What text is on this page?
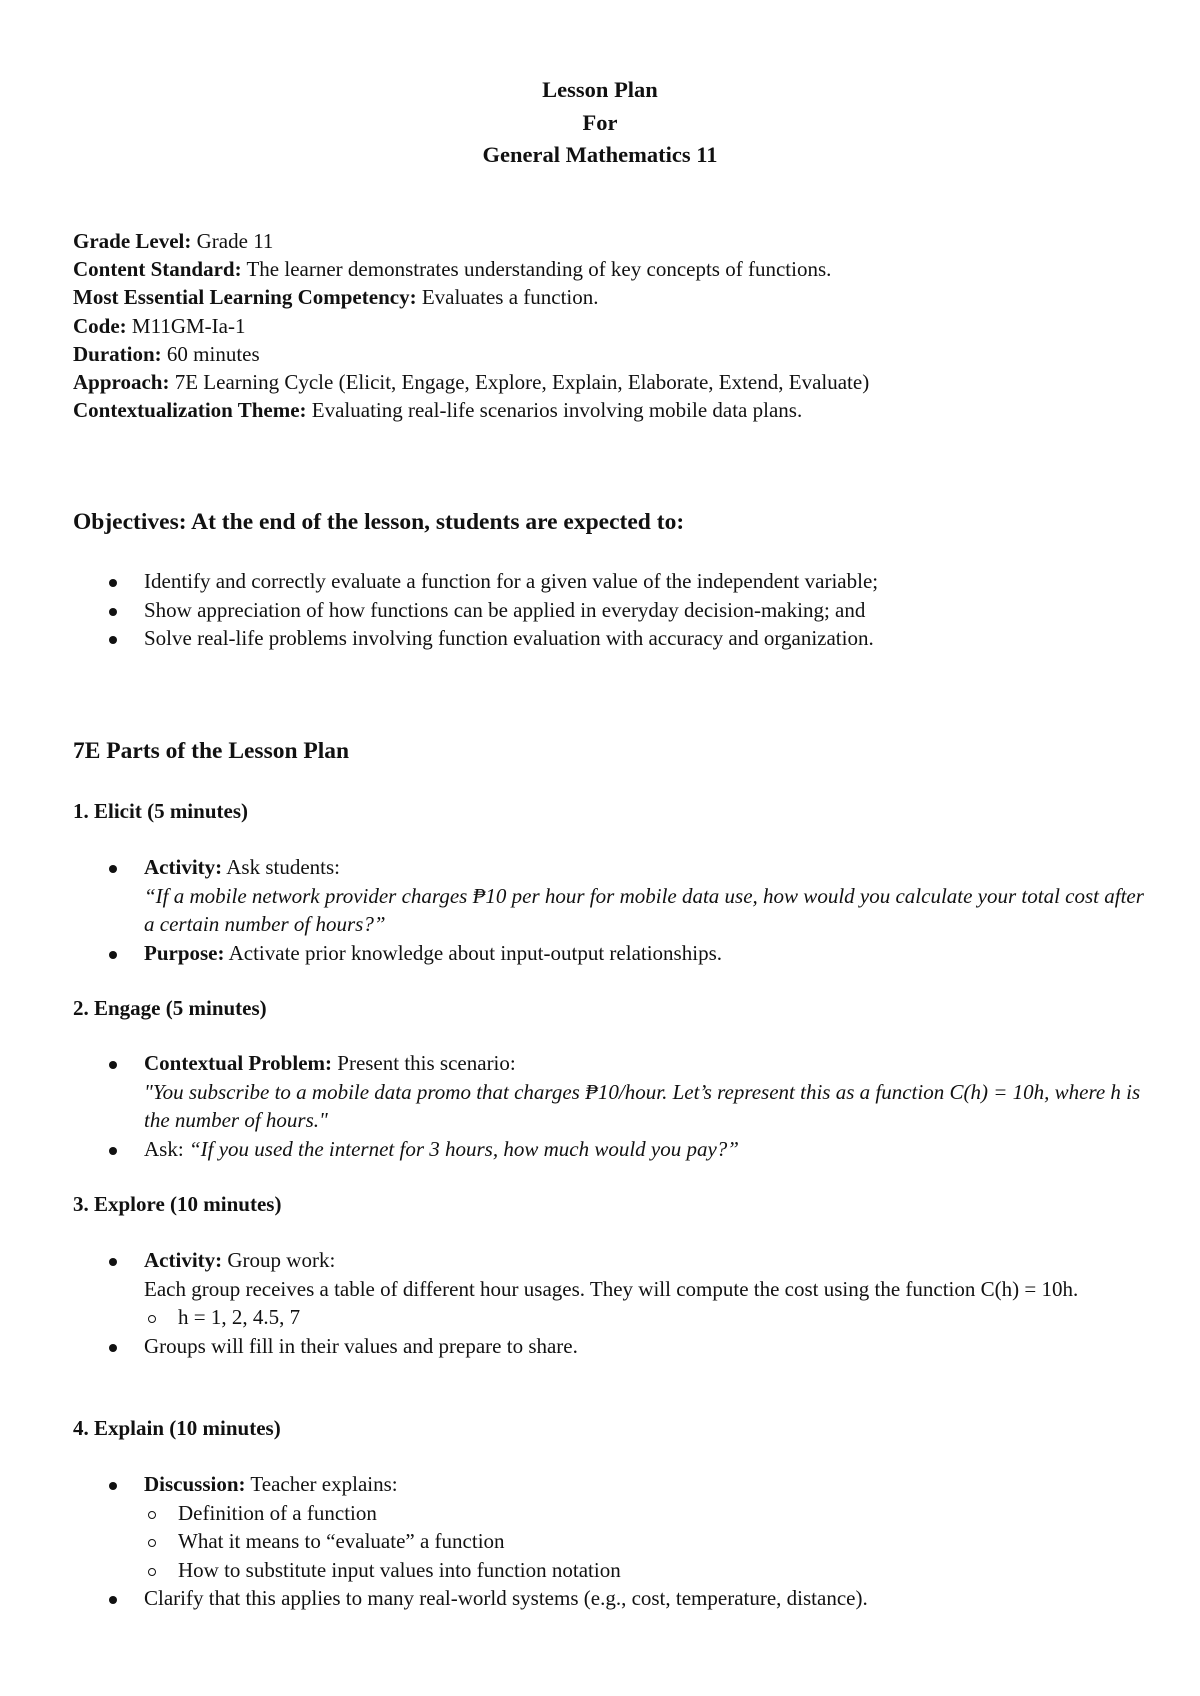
Lesson Plan
For
General Mathematics 11
Grade Level: Grade 11
Content Standard: The learner demonstrates understanding of key concepts of functions.
Most Essential Learning Competency: Evaluates a function.
Code: M11GM-Ia-1
Duration: 60 minutes
Approach: 7E Learning Cycle (Elicit, Engage, Explore, Explain, Elaborate, Extend, Evaluate)
Contextualization Theme: Evaluating real-life scenarios involving mobile data plans.
Objectives: At the end of the lesson, students are expected to:
Identify and correctly evaluate a function for a given value of the independent variable;
Show appreciation of how functions can be applied in everyday decision-making; and
Solve real-life problems involving function evaluation with accuracy and organization.
7E Parts of the Lesson Plan
1. Elicit (5 minutes)
Activity: Ask students:
“If a mobile network provider charges ₱10 per hour for mobile data use, how would you calculate your total cost after a certain number of hours?”
Purpose: Activate prior knowledge about input-output relationships.
2. Engage (5 minutes)
Contextual Problem: Present this scenario:
"You subscribe to a mobile data promo that charges ₱10/hour. Let’s represent this as a function C(h) = 10h, where h is the number of hours."
Ask: “If you used the internet for 3 hours, how much would you pay?”
3. Explore (10 minutes)
Activity: Group work:
Each group receives a table of different hour usages. They will compute the cost using the function C(h) = 10h.
h = 1, 2, 4.5, 7
Groups will fill in their values and prepare to share.
4. Explain (10 minutes)
Discussion: Teacher explains:
Definition of a function
What it means to “evaluate” a function
How to substitute input values into function notation
Clarify that this applies to many real-world systems (e.g., cost, temperature, distance).
